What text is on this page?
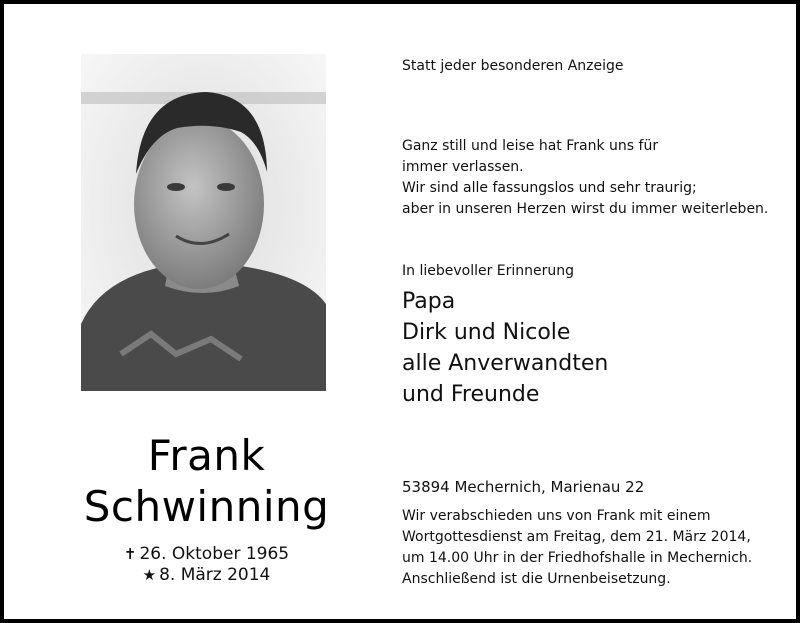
Frank
Schwinning
✝ 26. Oktober 1965
★ 8. März 2014
Statt jeder besonderen Anzeige
Ganz still und leise hat Frank uns für
immer verlassen.
Wir sind alle fassungslos und sehr traurig;
aber in unseren Herzen wirst du immer weiterleben.
In liebevoller Erinnerung
Papa
Dirk und Nicole
alle Anverwandten
und Freunde
53894 Mechernich, Marienau 22
Wir verabschieden uns von Frank mit einem
Wortgottesdienst am Freitag, dem 21. März 2014,
um 14.00 Uhr in der Friedhofshalle in Mechernich.
Anschließend ist die Urnenbeisetzung.
